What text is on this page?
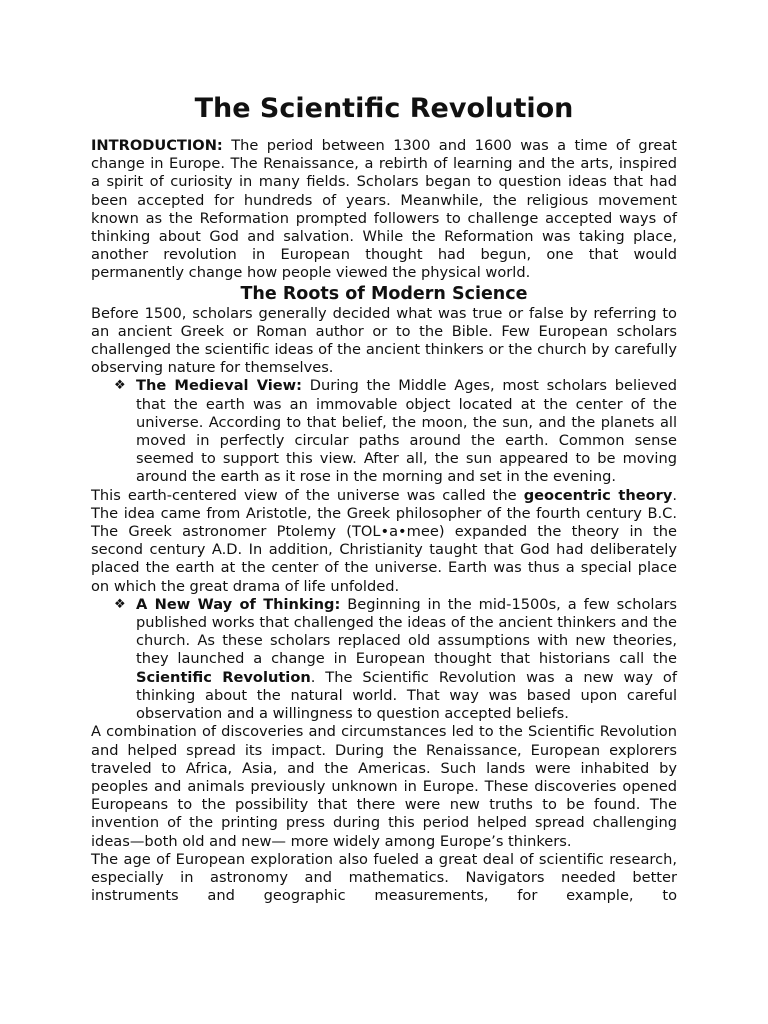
The Scientific Revolution

INTRODUCTION: The period between 1300 and 1600 was a time of great change in Europe. The Renaissance, a rebirth of learning and the arts, inspired a spirit of curiosity in many fields. Scholars began to question ideas that had been accepted for hundreds of years. Meanwhile, the religious movement known as the Reformation prompted followers to challenge accepted ways of thinking about God and salvation. While the Reformation was taking place, another revolution in European thought had begun, one that would permanently change how people viewed the physical world.

The Roots of Modern Science

Before 1500, scholars generally decided what was true or false by referring to an ancient Greek or Roman author or to the Bible. Few European scholars challenged the scientific ideas of the ancient thinkers or the church by carefully observing nature for themselves.

❖ The Medieval View: During the Middle Ages, most scholars believed that the earth was an immovable object located at the center of the universe. According to that belief, the moon, the sun, and the planets all moved in perfectly circular paths around the earth. Common sense seemed to support this view. After all, the sun appeared to be moving around the earth as it rose in the morning and set in the evening.

This earth-centered view of the universe was called the geocentric theory. The idea came from Aristotle, the Greek philosopher of the fourth century B.C. The Greek astronomer Ptolemy (TOL•a•mee) expanded the theory in the second century A.D. In addition, Christianity taught that God had deliberately placed the earth at the center of the universe. Earth was thus a special place on which the great drama of life unfolded.

❖ A New Way of Thinking: Beginning in the mid-1500s, a few scholars published works that challenged the ideas of the ancient thinkers and the church. As these scholars replaced old assumptions with new theories, they launched a change in European thought that historians call the Scientific Revolution. The Scientific Revolution was a new way of thinking about the natural world. That way was based upon careful observation and a willingness to question accepted beliefs.

A combination of discoveries and circumstances led to the Scientific Revolution and helped spread its impact. During the Renaissance, European explorers traveled to Africa, Asia, and the Americas. Such lands were inhabited by peoples and animals previously unknown in Europe. These discoveries opened Europeans to the possibility that there were new truths to be found. The invention of the printing press during this period helped spread challenging ideas—both old and new— more widely among Europe’s thinkers.

The age of European exploration also fueled a great deal of scientific research, especially in astronomy and mathematics. Navigators needed better instruments and geographic measurements, for example, to
